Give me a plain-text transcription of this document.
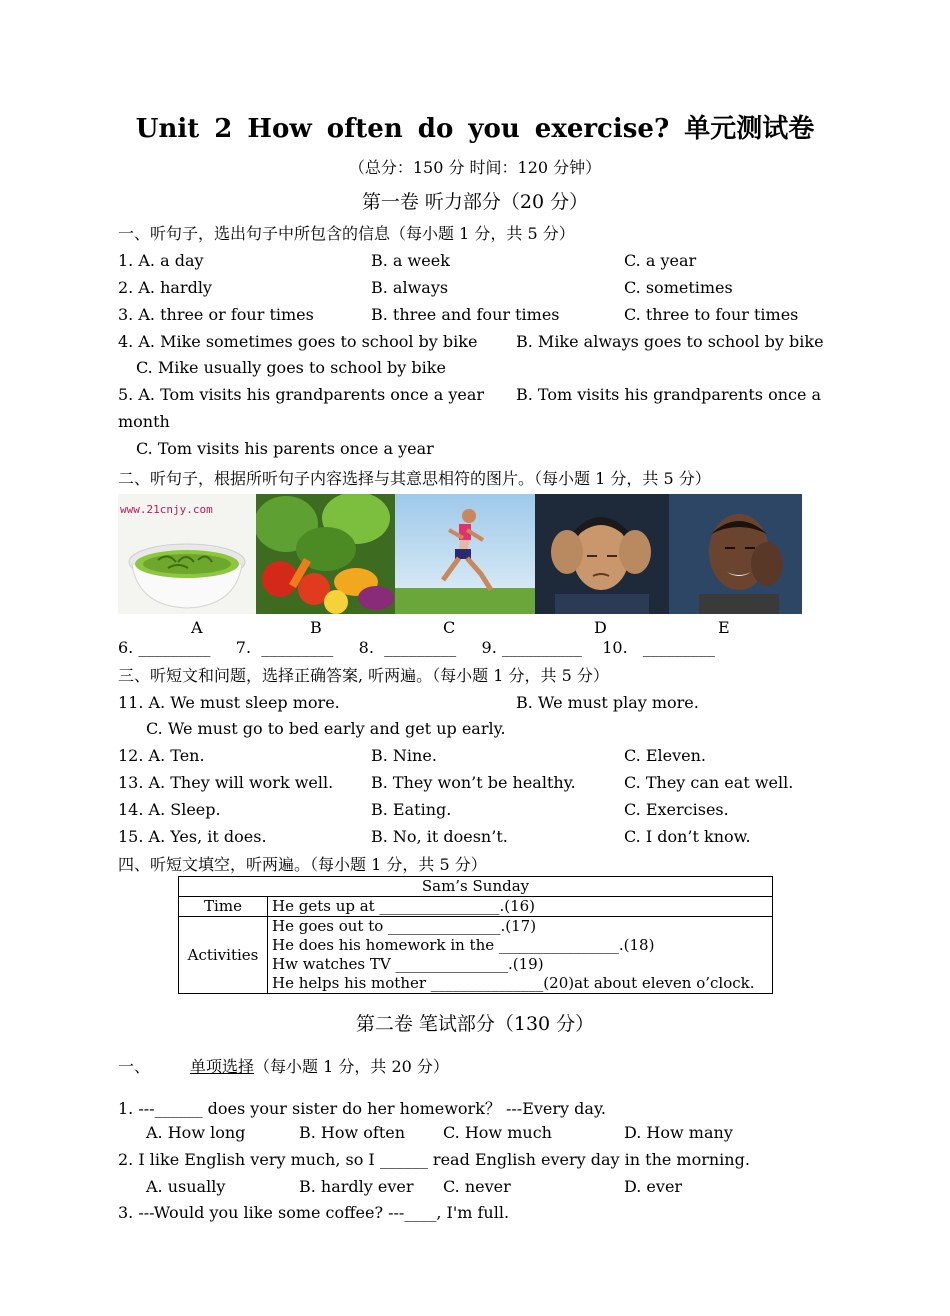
Unit 2 How often do you exercise? 单元测试卷
（总分：150 分 时间：120 分钟）
第一卷 听力部分（20 分）
一、听句子，选出句子中所包含的信息（每小题 1 分，共 5 分）
1. A. a day	B. a week	C. a year
2. A. hardly	B. always	C. sometimes
3. A. three or four times	B. three and four times	C. three to four times
4. A. Mike sometimes goes to school by bike B. Mike always goes to school by bike
C. Mike usually goes to school by bike
5. A. Tom visits his grandparents once a year B. Tom visits his grandparents once a
month
C. Tom visits his parents once a year
二、听句子，根据所听句子内容选择与其意思相符的图片。（每小题 1 分，共 5 分）
www.21cnjy.com
A	B	C	D	E
6. _________     7.  _________     8.  _________     9. __________    10.   _________
三、听短文和问题，选择正确答案, 听两遍。（每小题 1 分，共 5 分）
11. A. We must sleep more.	B. We must play more.
C. We must go to bed early and get up early.
12. A. Ten.	B. Nine.	C. Eleven.
13. A. They will work well. B. They won’t be healthy.	C. They can eat well.
14. A. Sleep.	B. Eating.	C. Exercises.
15. A. Yes, it does.	B. No, it doesn’t.	C. I don’t know.
四、听短文填空，听两遍。（每小题 1 分，共 5 分）
Sam’s Sunday	
Time	He gets up at ________________.(16)
Activities	He goes out to _______________.(17)
He does his homework in the ________________.(18)
Hw watches TV _______________.(19)
He helps his mother _______________(20)at about eleven o’clock.
第二卷 笔试部分（130 分）
一、 单项选择（每小题 1 分，共 20 分）
1. ---______ does your sister do her homework？ ---Every day.
A. How long	B. How often C. How much	D. How many
2. I like English very much, so I ______ read English every day in the morning.
A. usually	B. hardly ever C. never	D. ever
3. ---Would you like some coffee? ---____, I'm full.
